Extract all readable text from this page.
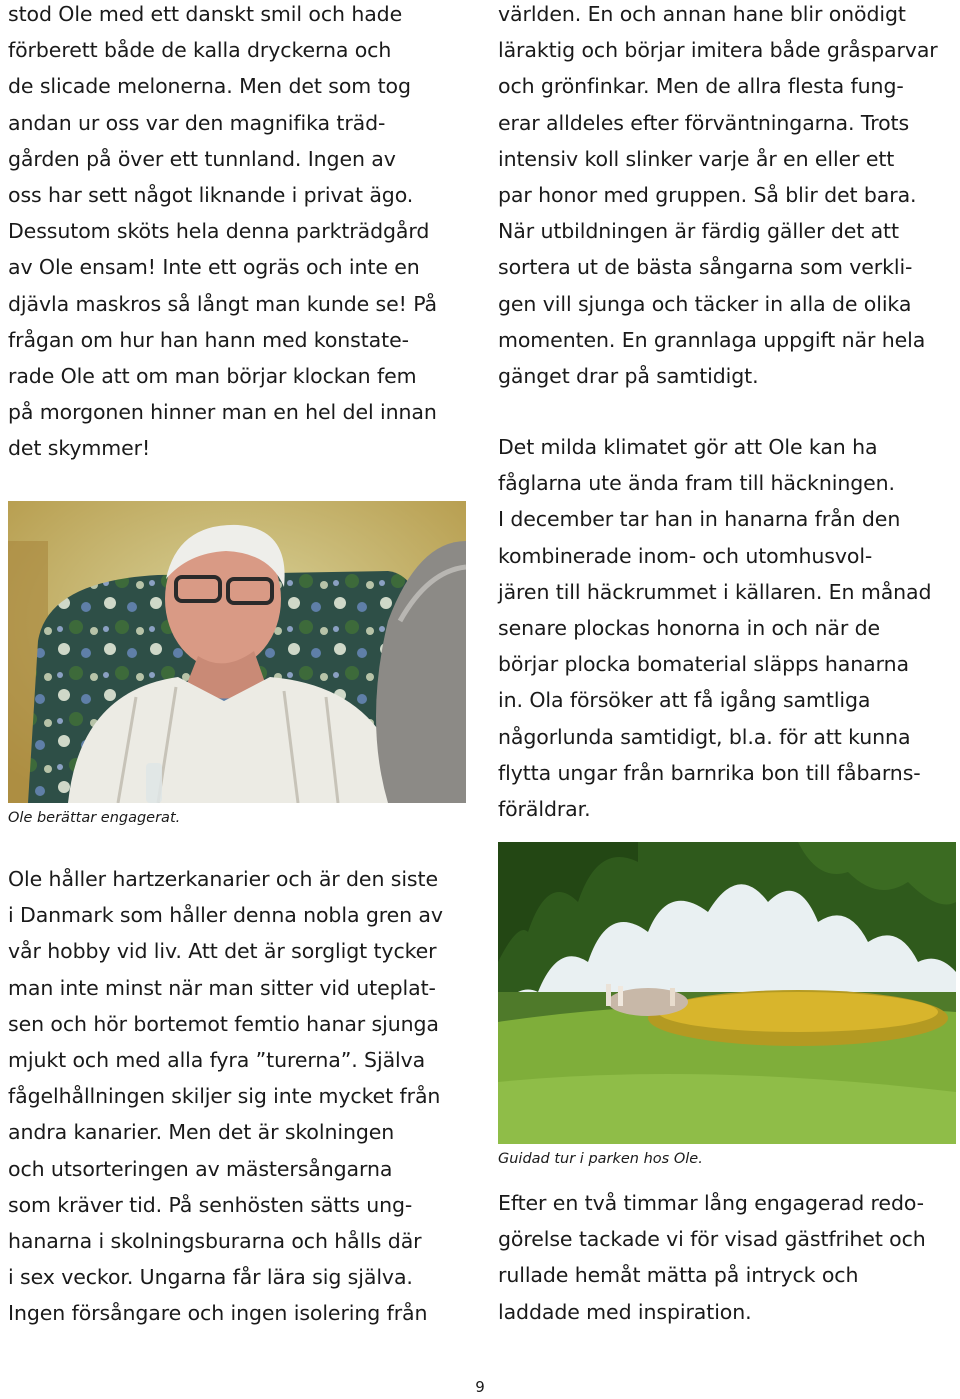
stod Ole med ett danskt smil och hade
förberett både de kalla dryckerna och
de slicade melonerna. Men det som tog
andan ur oss var den magnifika träd-
gården på över ett tunnland. Ingen av
oss har sett något liknande i privat ägo.
Dessutom sköts hela denna parkträdgård
av Ole ensam! Inte ett ogräs och inte en
djävla maskros så långt man kunde se! På
frågan om hur han hann med konstate-
rade Ole att om man börjar klockan fem
på morgonen hinner man en hel del innan
det skymmer!

Ole berättar engagerat.

Ole håller hartzerkanarier och är den siste
i Danmark som håller denna nobla gren av
vår hobby vid liv. Att det är sorgligt tycker
man inte minst när man sitter vid uteplat-
sen och hör bortemot femtio hanar sjunga
mjukt och med alla fyra ”turerna”. Själva
fågelhållningen skiljer sig inte mycket från
andra kanarier. Men det är skolningen
och utsorteringen av mästersångarna
som kräver tid. På senhösten sätts ung-
hanarna i skolningsburarna och hålls där
i sex veckor. Ungarna får lära sig själva.
Ingen försångare och ingen isolering från

världen. En och annan hane blir onödigt
läraktig och börjar imitera både gråsparvar
och grönfinkar. Men de allra flesta fung-
erar alldeles efter förväntningarna. Trots
intensiv koll slinker varje år en eller ett
par honor med gruppen. Så blir det bara.
När utbildningen är färdig gäller det att
sortera ut de bästa sångarna som verkli-
gen vill sjunga och täcker in alla de olika
momenten. En grannlaga uppgift när hela
gänget drar på samtidigt.

Det milda klimatet gör att Ole kan ha
fåglarna ute ända fram till häckningen.
I december tar han in hanarna från den
kombinerade inom- och utomhusvol-
jären till häckrummet i källaren. En månad
senare plockas honorna in och när de
börjar plocka bomaterial släpps hanarna
in. Ola försöker att få igång samtliga
någorlunda samtidigt, bl.a. för att kunna
flytta ungar från barnrika bon till fåbarns-
föräldrar.

Guidad tur i parken hos Ole.

Efter en två timmar lång engagerad redo-
görelse tackade vi för visad gästfrihet och
rullade hemåt mätta på intryck och
laddade med inspiration.

9
